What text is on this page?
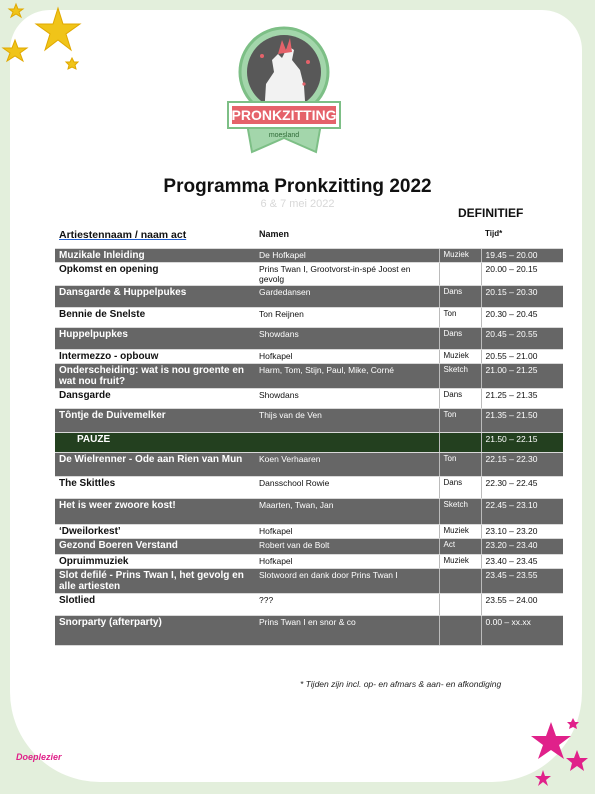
PRONKZITTING
moesland
Programma Pronkzitting 2022
6 & 7 mei 2022
DEFINITIEF
Artiestennaam / naam act	Namen		Tijd*
Muzikale Inleiding	De Hofkapel	Muziek	19.45 – 20.00
Opkomst en opening	Prins Twan I, Grootvorst-in-spé Joost en gevolg		20.00 – 20.15
Dansgarde & Huppelpukes	Gardedansen	Dans	20.15 – 20.30
Bennie de Snelste	Ton Reijnen	Ton	20.30 – 20.45
Huppelpupkes	Showdans	Dans	20.45 – 20.55
Intermezzo - opbouw	Hofkapel	Muziek	20.55 – 21.00
Onderscheiding: wat is nou groente en wat nou fruit?	Harm, Tom, Stijn, Paul, Mike, Corné	Sketch	21.00 – 21.25
Dansgarde	Showdans	Dans	21.25 – 21.35
Tôntje de Duivemelker	Thijs van de Ven	Ton	21.35 – 21.50
PAUZE			21.50 – 22.15
De Wielrenner - Ode aan Rien van Mun	Koen Verhaaren	Ton	22.15 – 22.30
The Skittles	Dansschool Rowie	Dans	22.30 – 22.45
Het is weer zwoore kost!	Maarten, Twan, Jan	Sketch	22.45 – 23.10
‘Dweilorkest’	Hofkapel	Muziek	23.10 – 23.20
Gezond Boeren Verstand	Robert van de Bolt	Act	23.20 – 23.40
Opruimmuziek	Hofkapel	Muziek	23.40 – 23.45
Slot defilé - Prins Twan I, het gevolg en alle artiesten	Slotwoord en dank door Prins Twan I		23.45 – 23.55
Slotlied	???		23.55 – 24.00
Snorparty (afterparty)	Prins Twan I en snor & co		0.00 – xx.xx
* Tijden zijn incl. op- en afmars & aan- en afkondiging
Doeplezier
